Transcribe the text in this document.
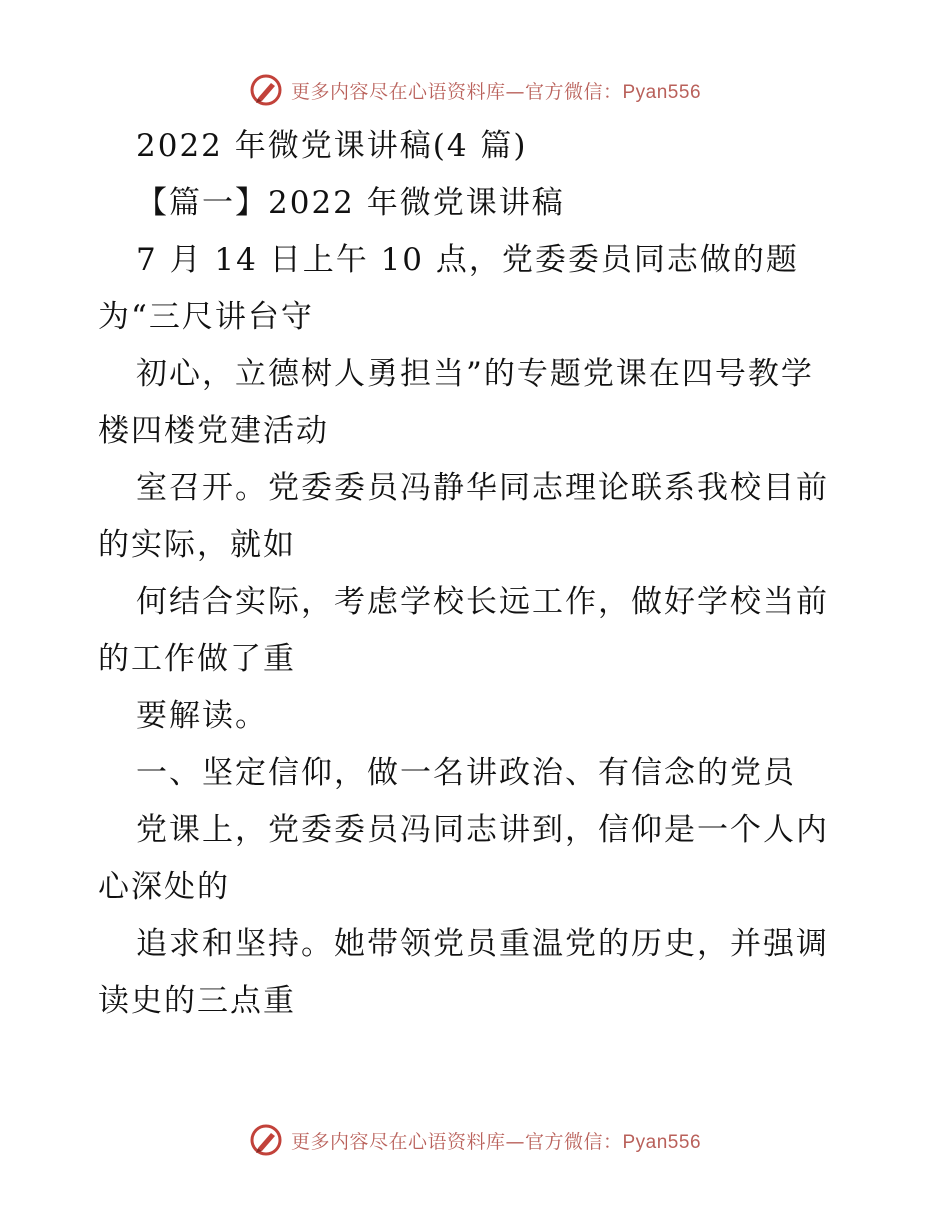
更多内容尽在心语资料库—官方微信：Pyan556
2022 年微党课讲稿(4 篇)
【篇一】2022 年微党课讲稿
7 月 14 日上午 10 点，党委委员同志做的题
为“三尺讲台守
初心，立德树人勇担当”的专题党课在四号教学
楼四楼党建活动
室召开。党委委员冯静华同志理论联系我校目前
的实际，就如
何结合实际，考虑学校长远工作，做好学校当前
的工作做了重
要解读。
一、坚定信仰，做一名讲政治、有信念的党员
党课上，党委委员冯同志讲到，信仰是一个人内
心深处的
追求和坚持。她带领党员重温党的历史，并强调
读史的三点重
更多内容尽在心语资料库—官方微信：Pyan556
